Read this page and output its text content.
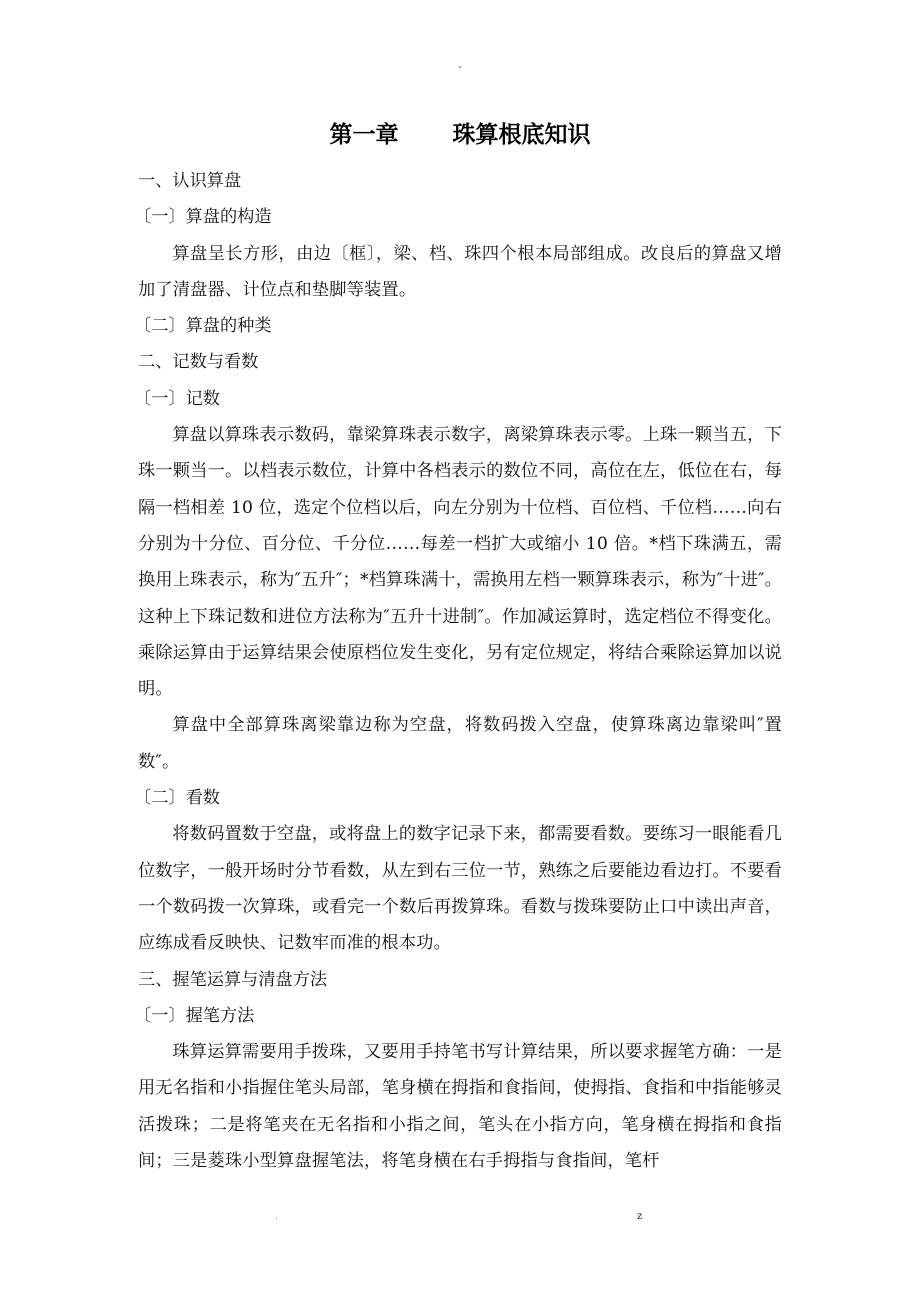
-
第一章　　 珠算根底知识

一、认识算盘

〔一〕算盘的构造

算盘呈长方形，由边〔框〕，梁、档、珠四个根本局部组成。改良后的算盘又增加了清盘器、计位点和垫脚等装置。

〔二〕算盘的种类

二、记数与看数

〔一〕记数

算盘以算珠表示数码，靠梁算珠表示数字，离梁算珠表示零。上珠一颗当五，下珠一颗当一。以档表示数位，计算中各档表示的数位不同，高位在左，低位在右，每隔一档相差 10 位，选定个位档以后，向左分别为十位档、百位档、千位档……向右分别为十分位、百分位、千分位……每差一档扩大或缩小 10 倍。*档下珠满五，需换用上珠表示，称为″五升″；*档算珠满十，需换用左档一颗算珠表示，称为″十进″。这种上下珠记数和进位方法称为″五升十进制″。作加减运算时，选定档位不得变化。乘除运算由于运算结果会使原档位发生变化，另有定位规定，将结合乘除运算加以说明。

算盘中全部算珠离梁靠边称为空盘，将数码拨入空盘，使算珠离边靠梁叫″置数″。

〔二〕看数

将数码置数于空盘，或将盘上的数字记录下来，都需要看数。要练习一眼能看几位数字，一般开场时分节看数，从左到右三位一节，熟练之后要能边看边打。不要看一个数码拨一次算珠，或看完一个数后再拨算珠。看数与拨珠要防止口中读出声音，应练成看反映快、记数牢而准的根本功。

三、握笔运算与清盘方法

〔一〕握笔方法

珠算运算需要用手拨珠，又要用手持笔书写计算结果，所以要求握笔方确：一是用无名指和小指握住笔头局部，笔身横在拇指和食指间，使拇指、食指和中指能够灵活拨珠；二是将笔夹在无名指和小指之间，笔头在小指方向，笔身横在拇指和食指间；三是菱珠小型算盘握笔法，将笔身横在右手拇指与食指间，笔杆

.	z
